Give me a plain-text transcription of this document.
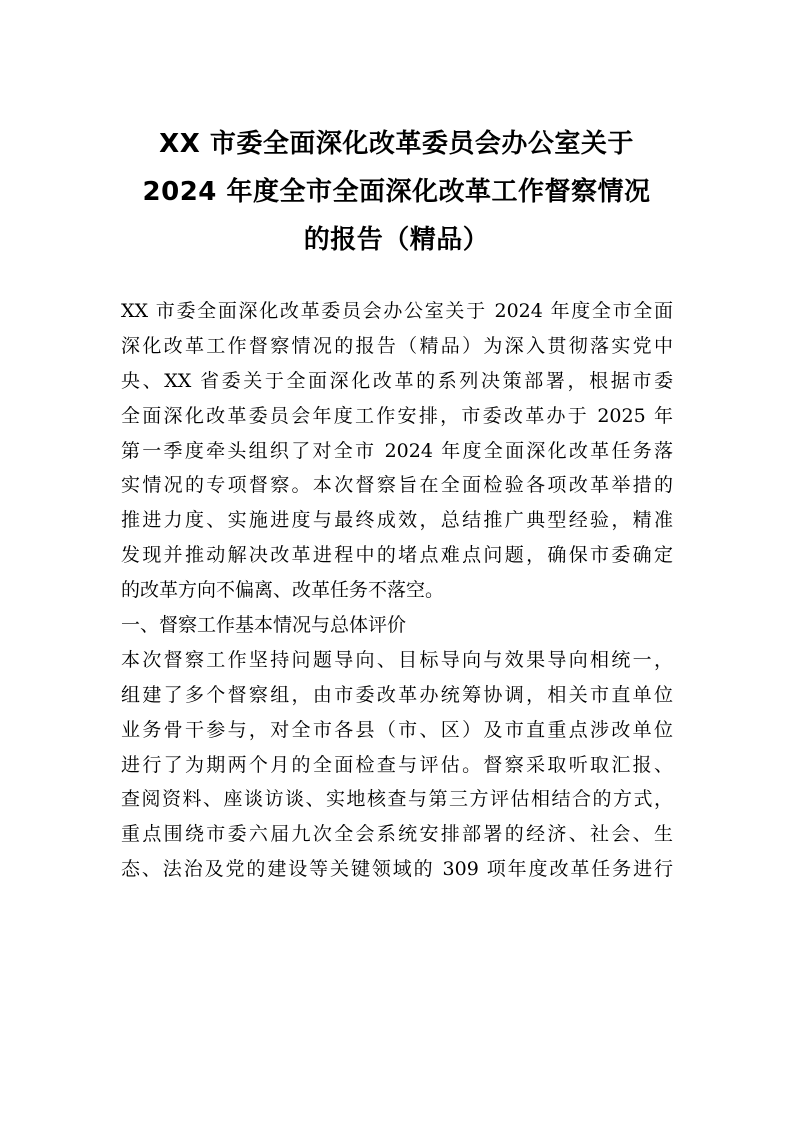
XX 市委全面深化改革委员会办公室关于
2024 年度全市全面深化改革工作督察情况
的报告（精品）
XX 市委全面深化改革委员会办公室关于 2024 年度全市全面
深化改革工作督察情况的报告（精品）为深入贯彻落实党中
央、XX 省委关于全面深化改革的系列决策部署，根据市委
全面深化改革委员会年度工作安排，市委改革办于 2025 年
第一季度牵头组织了对全市 2024 年度全面深化改革任务落
实情况的专项督察。本次督察旨在全面检验各项改革举措的
推进力度、实施进度与最终成效，总结推广典型经验，精准
发现并推动解决改革进程中的堵点难点问题，确保市委确定
的改革方向不偏离、改革任务不落空。
一、督察工作基本情况与总体评价
本次督察工作坚持问题导向、目标导向与效果导向相统一，
组建了多个督察组，由市委改革办统筹协调，相关市直单位
业务骨干参与，对全市各县（市、区）及市直重点涉改单位
进行了为期两个月的全面检查与评估。督察采取听取汇报、
查阅资料、座谈访谈、实地核查与第三方评估相结合的方式，
重点围绕市委六届九次全会系统安排部署的经济、社会、生
态、法治及党的建设等关键领域的 309 项年度改革任务进行
